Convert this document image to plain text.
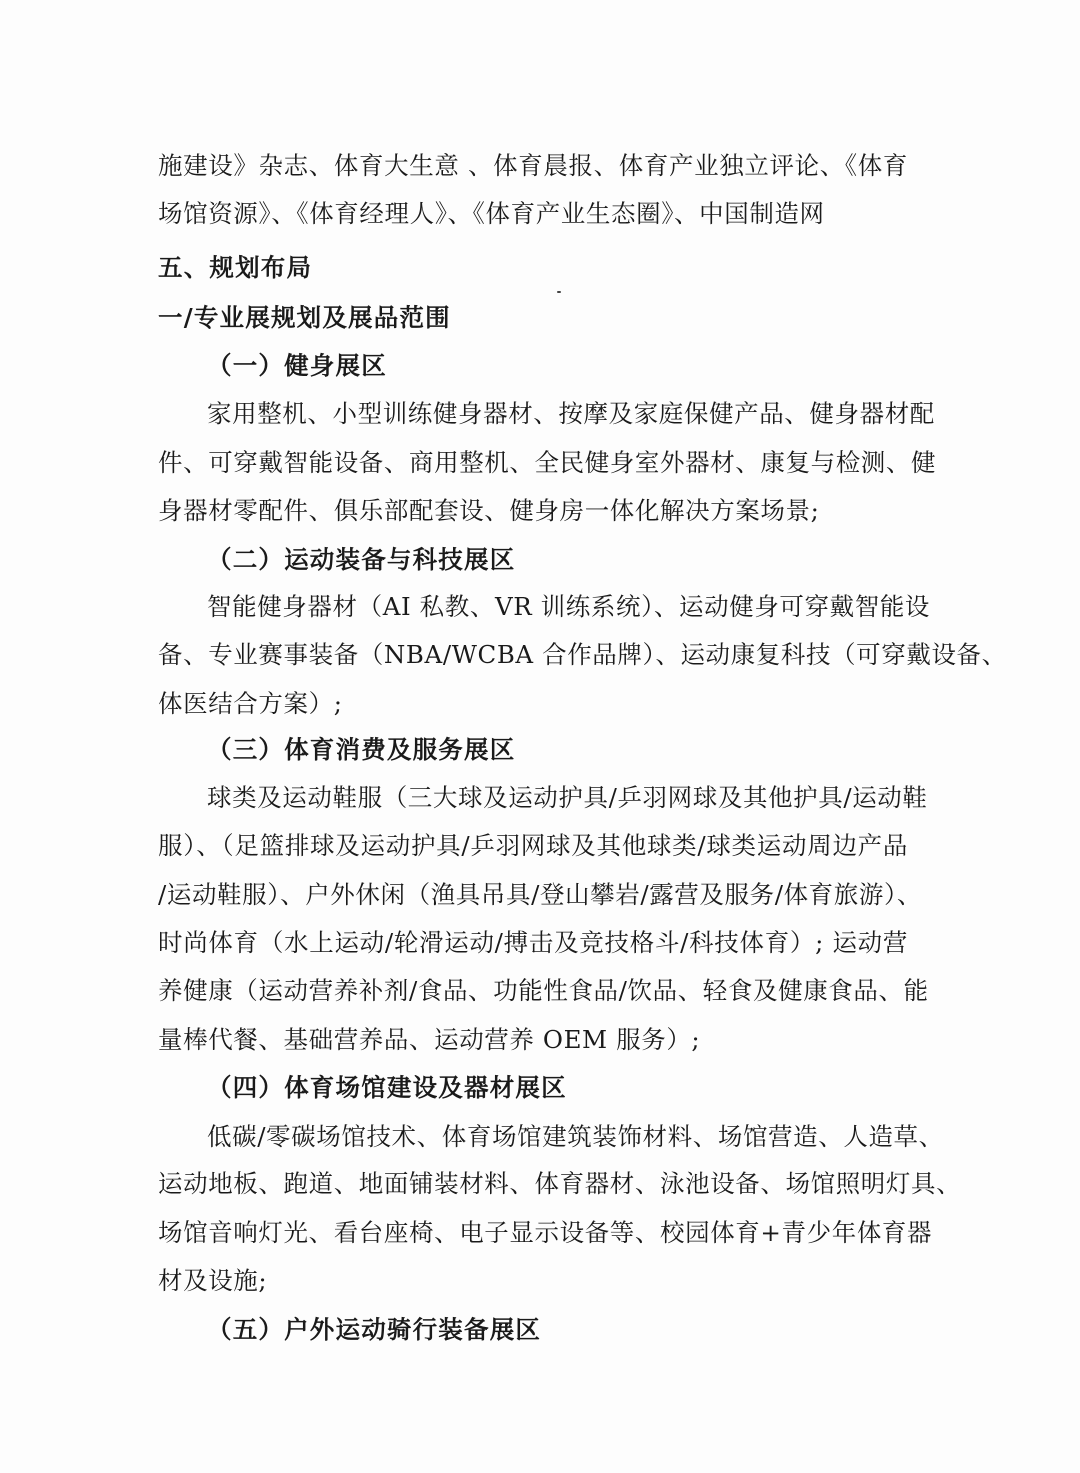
施建设》杂志、体育大生意 、体育晨报、体育产业独立评论、《体育
场馆资源》、《体育经理人》、《体育产业生态圈》、中国制造网
五、规划布局
一/专业展规划及展品范围
（一）健身展区
家用整机、小型训练健身器材、按摩及家庭保健产品、健身器材配
件、可穿戴智能设备、商用整机、全民健身室外器材、康复与检测、健
身器材零配件、俱乐部配套设、健身房一体化解决方案场景;
（二）运动装备与科技展区
智能健身器材（AI 私教、VR 训练系统）、运动健身可穿戴智能设
备、专业赛事装备（NBA/WCBA 合作品牌）、运动康复科技（可穿戴设备、
体医结合方案）;
（三）体育消费及服务展区
球类及运动鞋服（三大球及运动护具/乒羽网球及其他护具/运动鞋
服）、（足篮排球及运动护具/乒羽网球及其他球类/球类运动周边产品
/运动鞋服）、户外休闲（渔具吊具/登山攀岩/露营及服务/体育旅游）、
时尚体育（水上运动/轮滑运动/搏击及竞技格斗/科技体育）; 运动营
养健康（运动营养补剂/食品、功能性食品/饮品、轻食及健康食品、能
量棒代餐、基础营养品、运动营养 OEM 服务）;
（四）体育场馆建设及器材展区
低碳/零碳场馆技术、体育场馆建筑装饰材料、场馆营造、人造草、
运动地板、跑道、地面铺装材料、体育器材、泳池设备、场馆照明灯具、
场馆音响灯光、看台座椅、电子显示设备等、校园体育+青少年体育器
材及设施;
（五）户外运动骑行装备展区
